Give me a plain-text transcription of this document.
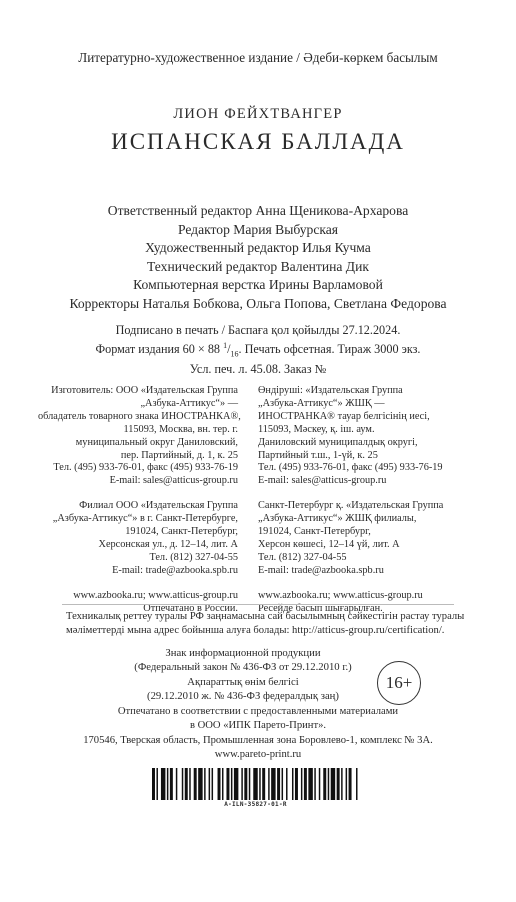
Литературно-художественное издание / Әдеби-көркем басылым
ЛИОН ФЕЙХТВАНГЕР
ИСПАНСКАЯ БАЛЛАДА
Ответственный редактор Анна Щеникова-Архарова
Редактор Мария Выбурская
Художественный редактор Илья Кучма
Технический редактор Валентина Дик
Компьютерная верстка Ирины Варламовой
Корректоры Наталья Бобкова, Ольга Попова, Светлана Федорова
Подписано в печать / Баспаға қол қойылды 27.12.2024.
Формат издания 60 × 88 $^1/_{16}$. Печать офсетная. Тираж 3000 экз.
Усл. печ. л. 45.08. Заказ №
Изготовитель: ООО «Издательская Группа
„Азбука-Аттикус“» —
обладатель товарного знака ИНОСТРАНКА®,
115093, Москва, вн. тер. г.
муниципальный округ Даниловский,
пер. Партийный, д. 1, к. 25
Тел. (495) 933-76-01, факс (495) 933-76-19
E-mail: sales@atticus-group.ru
Филиал ООО «Издательская Группа
„Азбука-Аттикус“» в г. Санкт-Петербурге,
191024, Санкт-Петербург,
Херсонская ул., д. 12–14, лит. А
Тел. (812) 327-04-55
E-mail: trade@azbooka.spb.ru
www.azbooka.ru; www.atticus-group.ru
Отпечатано в России.
Өндіруші: «Издательская Группа
„Азбука-Аттикус“» ЖШҚ —
ИНОСТРАНКА® тауар белгісінің иесі,
115093, Мәскеу, қ. іш. аум.
Даниловский муниципалдық округі,
Партийный т.ш., 1-үй, к. 25
Тел. (495) 933-76-01, факс (495) 933-76-19
E-mail: sales@atticus-group.ru
Санкт-Петербург қ. «Издательская Группа
„Азбука-Аттикус“» ЖШҚ филиалы,
191024, Санкт-Петербург,
Херсон көшесі, 12–14 үй, лит. А
Тел. (812) 327-04-55
E-mail: trade@azbooka.spb.ru
www.azbooka.ru; www.atticus-group.ru
Ресейде басып шығарылған.
Техникалық реттеу туралы РФ заңнамасына сай басылымның сәйкестігін растау туралы
мәліметтерді мына адрес бойынша алуға болады: http://atticus-group.ru/certification/.
Знак информационной продукции
(Федеральный закон № 436-ФЗ от 29.12.2010 г.)
Ақпараттық өнім белгісі
(29.12.2010 ж. № 436-ФЗ федералдық заң)
16+
Отпечатано в соответствии с предоставленными материалами
в ООО «ИПК Парето-Принт».
170546, Тверская область, Промышленная зона Боровлево-1, комплекс № 3А.
www.pareto-print.ru
A-ILN-35827-01-R
